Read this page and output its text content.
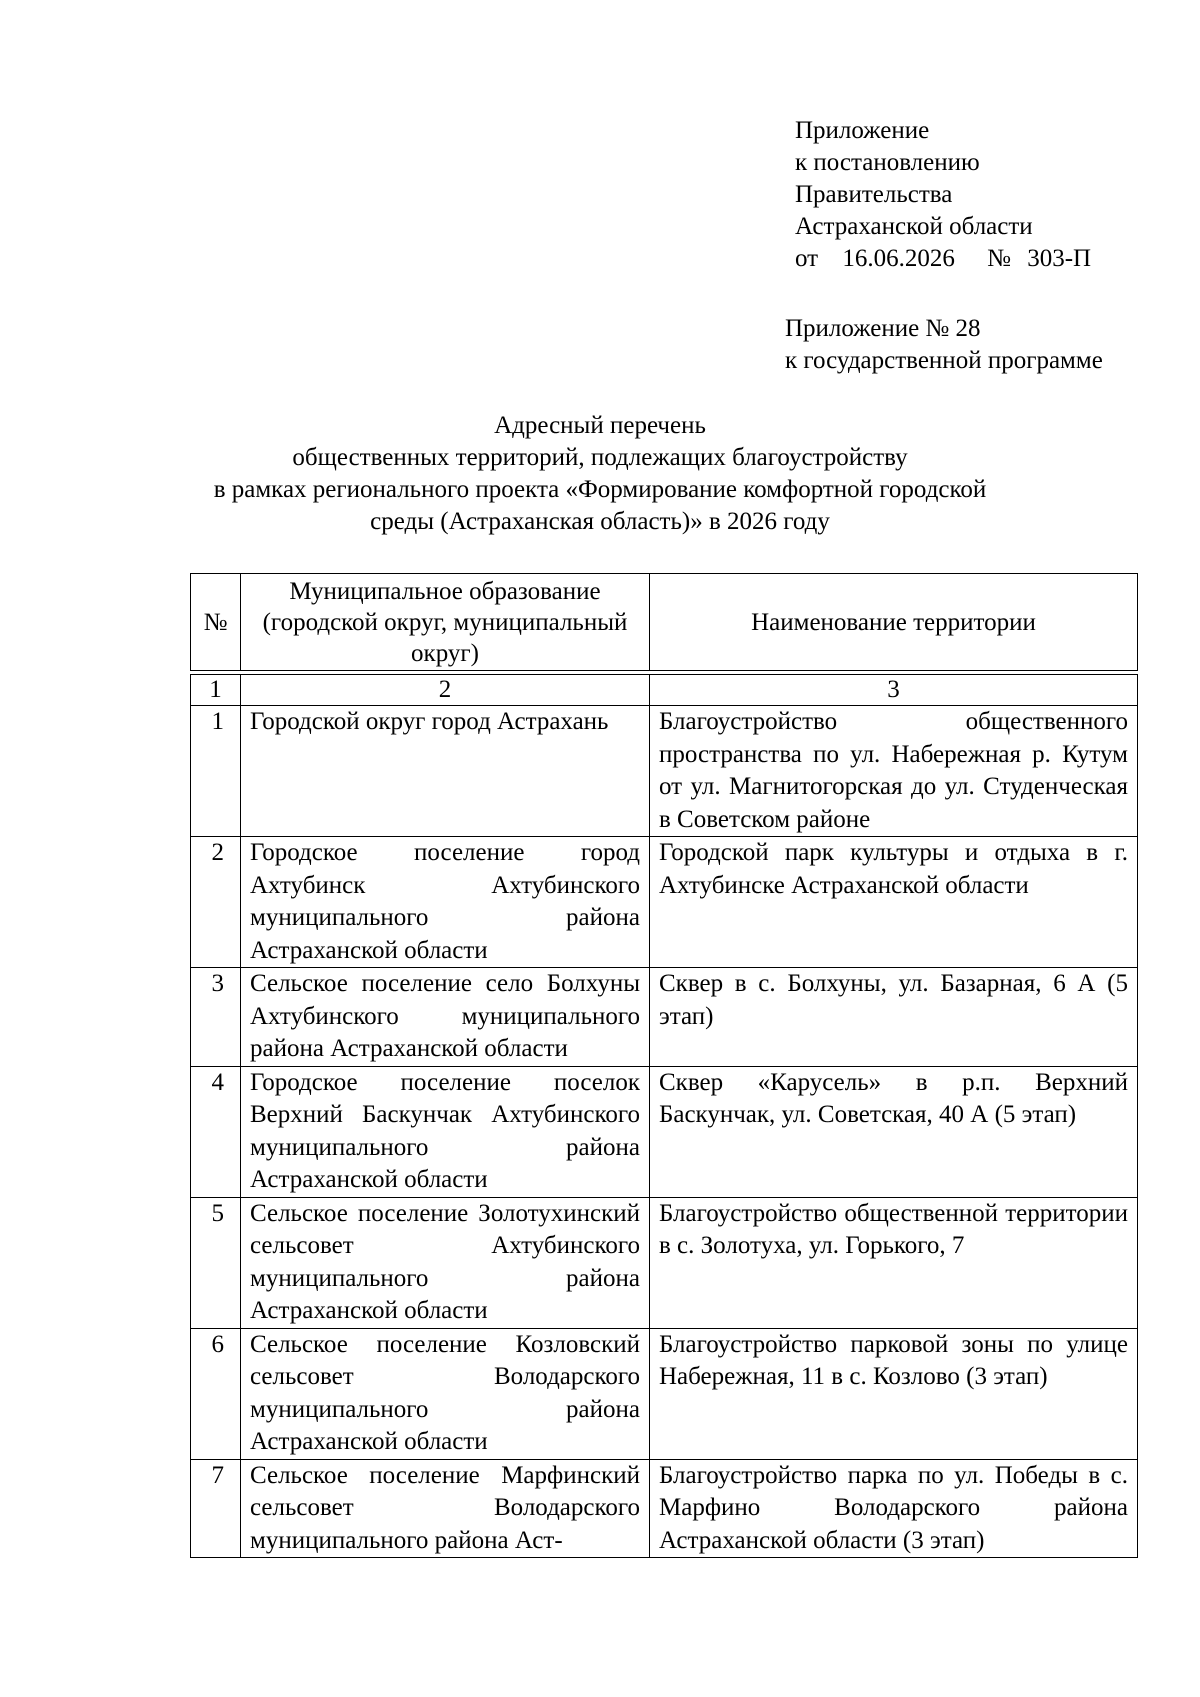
Приложение
к постановлению
Правительства
Астраханской области
от 16.06.2026 № 303-П
Приложение № 28
к государственной программе
Адресный перечень
общественных территорий, подлежащих благоустройству
в рамках регионального проекта «Формирование комфортной городской
среды (Астраханская область)» в 2026 году
№	Муниципальное образование (городской округ, муниципальный округ)	Наименование территории

1	2	3
1	Городской округ город Астрахань	Благоустройство общественного пространства по ул. Набережная р. Кутум от ул. Магнитогорская до ул. Студенческая в Советском районе
2	Городское поселение город Ахтубинск Ахтубинского муниципального района Астраханской области	Городской парк культуры и отдыха в г. Ахтубинске Астраханской области
3	Сельское поселение село Болхуны Ахтубинского муниципального района Астраханской области	Сквер в с. Болхуны, ул. Базарная, 6 А (5 этап)
4	Городское поселение поселок Верхний Баскунчак Ахтубинского муниципального района Астраханской области	Сквер «Карусель» в р.п. Верхний Баскунчак, ул. Советская, 40 А (5 этап)
5	Сельское поселение Золотухинский сельсовет Ахтубинского муниципального района Астраханской области	Благоустройство общественной территории в с. Золотуха, ул. Горького, 7
6	Сельское поселение Козловский сельсовет Володарского муниципального района Астраханской области	Благоустройство парковой зоны по улице Набережная, 11 в с. Козлово (3 этап)
7	Сельское поселение Марфинский сельсовет Володарского муниципального района Аст-	Благоустройство парка по ул. Победы в с. Марфино Володарского района Астраханской области (3 этап)
